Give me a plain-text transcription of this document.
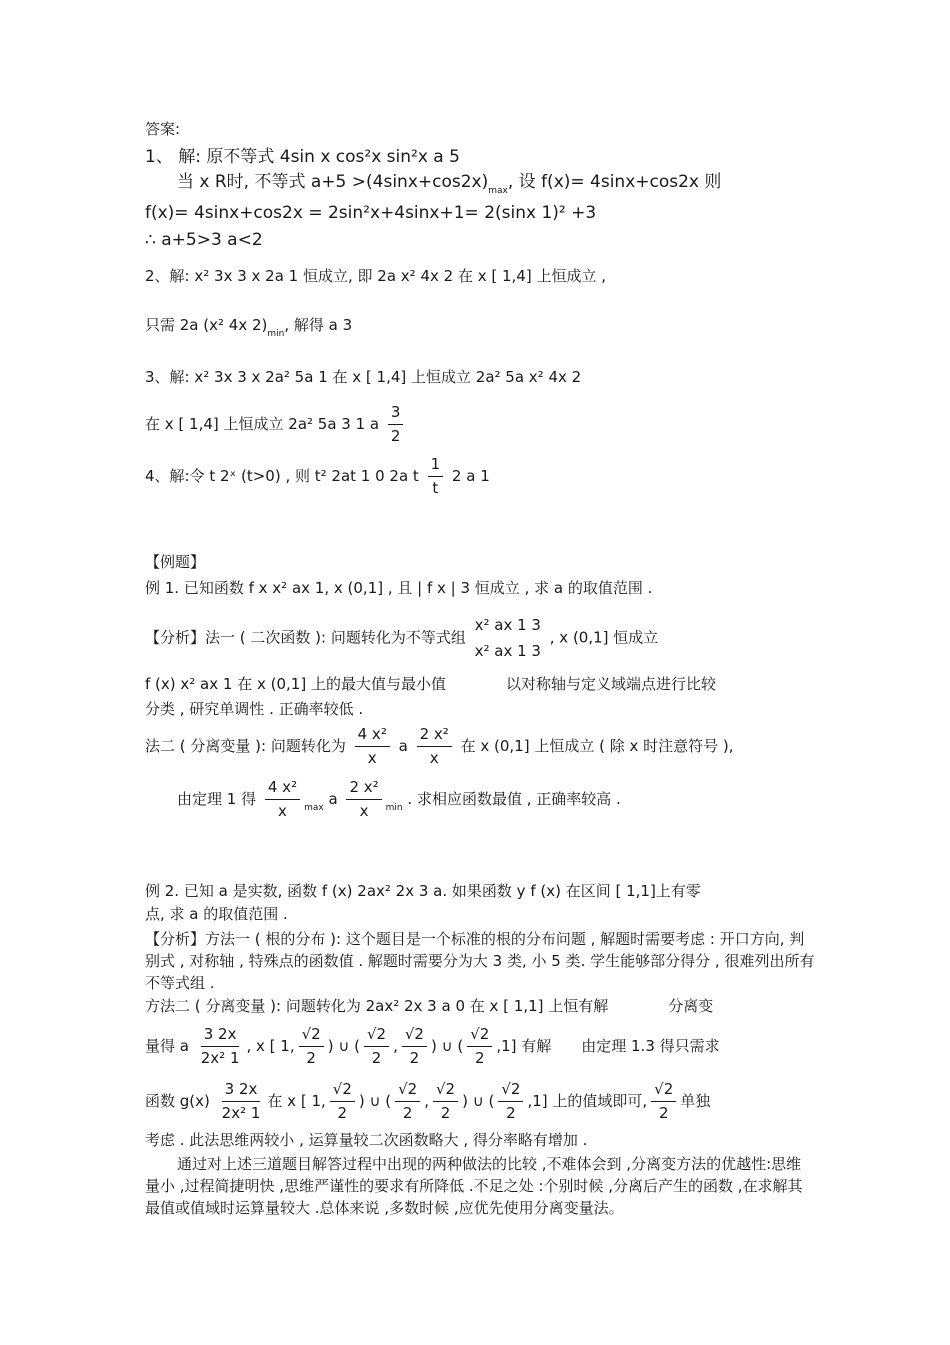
答案:
1、 解: 原不等式 4sin x cos²x sin²x a 5
当 x R时, 不等式 $a+5 >(4\sin x+\cos 2x)_{max}$, 设 f(x)= 4sinx+cos2x 则
f(x)= 4sinx+cos2x = 2sin²x+4sinx+1= 2(sinx 1)² +3
∴ a+5>3 a<2
2、解: x² 3x 3 x 2a 1 恒成立, 即 2a x² 4x 2 在 x [ 1,4] 上恒成立 ,
只需 2a (x² 4x $2)_{min}$, 解得 a 3
3、解: x² 3x 3 x 2a² 5a 1 在 x [ 1,4] 上恒成立 2a² 5a x² 4x 2
在 x [ 1,4] 上恒成立 2a² 5a 3 1 a $\frac{3}{2}$
4、解:令 t 2ˣ (t>0) , 则 t² 2at 1 0 2a t $\frac{1}{t} 2$ a 1
【例题】
例 1. 已知函数 f x x² ax 1, x (0,1] , 且 | f x | 3 恒成立 , 求 a 的取值范围 .
【分析】法一 ( 二次函数 ): 问题转化为不等式组
x² ax 1 3
x² ax 1 3
, x (0,1] 恒成立
f (x) x² ax 1 在 x (0,1] 上的最大值与最小值	以对称轴与定义域端点进行比较
分类 , 研究单调性 . 正确率较低 .
法二 ( 分离变量 ): 问题转化为 $\frac{\text{4 x²}}{x}$ a $\frac{\text{2 x²}}{x}$ 在 x (0,1] 上恒成立 ( 除 x 时注意符号 ),
由定理 1 得 $\frac{\text{4 x²}}{x} _{max}$ a $\frac{\text{2 x²}}{x} _{min}$ . 求相应函数最值 , 正确率较高 .
例 2. 已知 a 是实数, 函数 f (x) 2ax² 2x 3 a. 如果函数 y f (x) 在区间 [ 1,1]上有零
点, 求 a 的取值范围 .
【分析】方法一 ( 根的分布 ): 这个题目是一个标准的根的分布问题 , 解题时需要考虑 : 开口方向, 判别式 , 对称轴 , 特殊点的函数值 . 解题时需要分为大 3 类, 小 5 类. 学生能够部分得分 , 很难列出所有不等式组 .
方法二 ( 分离变量 ): 问题转化为 2ax² 2x 3 a 0 在 x [ 1,1] 上恒有解	分离变
量得 a $\frac{3 2x}{\text{2x² 1}}$ , x [ 1, $\frac{√2}{2}$ ) ∪ ( $\frac{√2}{2}$ , $\frac{√2}{2}$ ) ∪ ( $\frac{√2}{2} ,1$] 有解 由定理 1.3 得只需求
函数 $g(x) \frac{3 2x}{\text{2x² 1}}$ 在 x [ 1, $\frac{√2}{2}$ ) ∪ ( $\frac{√2}{2}$ , $\frac{√2}{2}$ ) ∪ ( $\frac{√2}{2} ,1$] 上的值域即可, $\frac{√2}{2}$ 单独
考虑 . 此法思维两较小 , 运算量较二次函数略大 , 得分率略有增加 .
通过对上述三道题目解答过程中出现的两种做法的比较 ,不难体会到 ,分离变方法的优越性:思维量小 ,过程简捷明快 ,思维严谨性的要求有所降低 .不足之处 :个别时候 ,分离后产生的函数 ,在求解其最值或值域时运算量较大 .总体来说 ,多数时候 ,应优先使用分离变量法。
